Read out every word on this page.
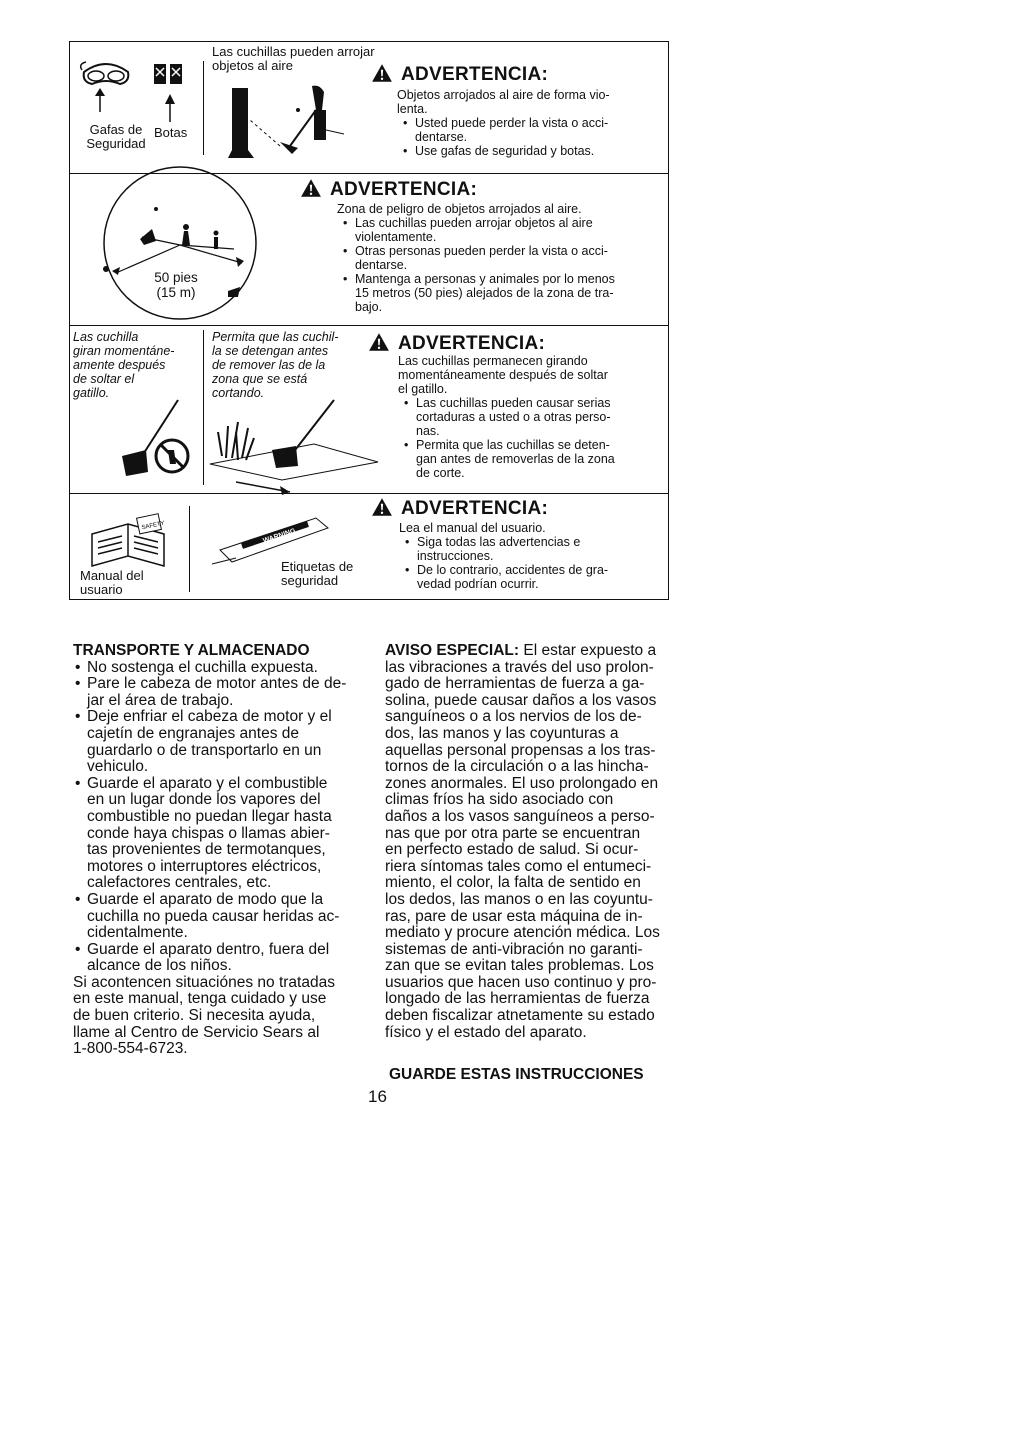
Gafas de
Seguridad
Botas
Las cuchillas pueden arrojar
objetos al aire	ADVERTENCIA:
Objetos arrojados al aire de forma vio-
lenta.
• Usted puede perder la vista o acci-
dentarse.
• Use gafas de seguridad y botas.
50 pies
(15 m)
ADVERTENCIA:
Zona de peligro de objetos arrojados al aire.
• Las cuchillas pueden arrojar objetos al aire
violentamente.
• Otras personas pueden perder la vista o acci-
dentarse.
• Mantenga a personas y animales por lo menos
15 metros (50 pies) alejados de la zona de tra-
bajo.
Las cuchilla
giran momentáne-
amente después
de soltar el
gatillo.
Permita que las cuchil-
la se detengan antes
de remover las de la
zona que se está
cortando.
ADVERTENCIA:
Las cuchillas permanecen girando
momentáneamente después de soltar
el gatillo.
• Las cuchillas pueden causar serias
cortaduras a usted o a otras perso-
nas.
• Permita que las cuchillas se deten-
gan antes de removerlas de la zona
de corte.
SAFETY
Manual del
usuario
WARNING
Etiquetas de
seguridad
ADVERTENCIA:
Lea el manual del usuario.
• Siga todas las advertencias e
instrucciones.
• De lo contrario, accidentes de gra-
vedad podrían ocurrir.
TRANSPORTE Y ALMACENADO
• No sostenga el cuchilla expuesta.
• Pare le cabeza de motor antes de de-
jar el área de trabajo.
• Deje enfriar el cabeza de motor y el
cajetín de engranajes antes de
guardarlo o de transportarlo en un
vehiculo.
• Guarde el aparato y el combustible
en un lugar donde los vapores del
combustible no puedan llegar hasta
conde haya chispas o llamas abier-
tas provenientes de termotanques,
motores o interruptores eléctricos,
calefactores centrales, etc.
• Guarde el aparato de modo que la
cuchilla no pueda causar heridas ac-
cidentalmente.
• Guarde el aparato dentro, fuera del
alcance de los niños.

Si acontencen situaciónes no tratadas
en este manual, tenga cuidado y use
de buen criterio. Si necesita ayuda,
llame al Centro de Servicio Sears al
1-800-554-6723.

AVISO ESPECIAL: El estar expuesto a
las vibraciones a través del uso prolon-
gado de herramientas de fuerza a ga-
solina, puede causar daños a los vasos
sanguíneos o a los nervios de los de-
dos, las manos y las coyunturas a
aquellas personal propensas a los tras-
tornos de la circulación o a las hincha-
zones anormales. El uso prolongado en
climas fríos ha sido asociado con
daños a los vasos sanguíneos a perso-
nas que por otra parte se encuentran
en perfecto estado de salud. Si ocur-
riera síntomas tales como el entumeci-
miento, el color, la falta de sentido en
los dedos, las manos o en las coyuntu-
ras, pare de usar esta máquina de in-
mediato y procure atención médica. Los
sistemas de anti-vibración no garanti-
zan que se evitan tales problemas. Los
usuarios que hacen uso continuo y pro-
longado de las herramientas de fuerza
deben fiscalizar atnetamente su estado
físico y el estado del aparato.

GUARDE ESTAS INSTRUCCIONES
16
